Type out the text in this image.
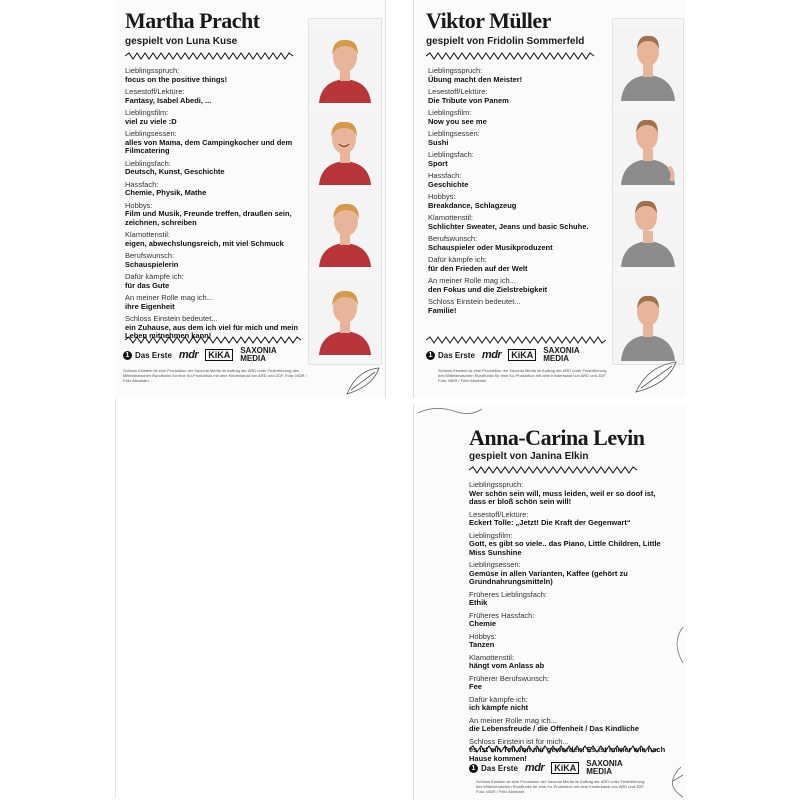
Martha Pracht
gespielt von Luna Kuse
Lieblingsspruch:
focus on the positive things!
Lesestoff/Lektüre:
Fantasy, Isabel Abedi, ...
Lieblingsfilm:
viel zu viele :D
Lieblingsessen:
alles von Mama, dem Campingkocher und dem Filmcatering
Lieblingsfach:
Deutsch, Kunst, Geschichte
Hassfach:
Chemie, Physik, Mathe
Hobbys:
Film und Musik, Freunde treffen, draußen sein, zeichnen, schreiben
Klamottenstil:
eigen, abwechslungsreich, mit viel Schmuck
Berufswunsch:
Schauspielerin
Dafür kämpfe ich:
für das Gute
An meiner Rolle mag ich...
ihre Eigenheit
Schloss Einstein bedeutet...
ein Zuhause, aus dem ich viel für mich und mein Leben mitnehmen kann!
1 Das Erste mdr	KiKA	SAXONIA
MEDIA
Schloss Einstein ist eine Produktion der Saxonia Media im Auftrag der ARD unter Federführung des Mitteldeutschen Rundfunks für eine Ko-Produktion mit dem Kinderkanal von ARD und ZDF. Foto: MDR / Felix Abraham
Viktor Müller
gespielt von Fridolin Sommerfeld
Lieblingsspruch:
Übung macht den Meister!
Lesestoff/Lektüre:
Die Tribute von Panem
Lieblingsfilm:
Now you see me
Lieblingsessen:
Sushi
Lieblingsfach:
Sport
Hassfach:
Geschichte
Hobbys:
Breakdance, Schlagzeug
Klamottenstil:
Schlichter Sweater, Jeans und basic Schuhe.
Berufswunsch:
Schauspieler oder Musikproduzent
Dafür kämpfe ich:
für den Frieden auf der Welt
An meiner Rolle mag ich...
den Fokus und die Zielstrebigkeit
Schloss Einstein bedeutet...
Familie!
1 Das Erste mdr	KiKA	SAXONIA
MEDIA
Schloss Einstein ist eine Produktion der Saxonia Media im Auftrag der ARD unter Federführung des Mitteldeutschen Rundfunks für eine Ko-Produktion mit dem Kinderkanal von ARD und ZDF. Foto: MDR / Felix Abraham
Anna-Carina Levin
gespielt von Janina Elkin
Lieblingsspruch:
Wer schön sein will, muss leiden, weil er so doof ist, dass er bloß schön sein will!
Lesestoff/Lektüre:
Eckert Tolle: „Jetzt! Die Kraft der Gegenwart“
Lieblingsfilm:
Gott, es gibt so viele.. das Piano, Little Children, Little Miss Sunshine
Lieblingsessen:
Gemüse in allen Varianten, Kaffee (gehört zu Grundnahrungsmitteln)
Früheres Lieblingsfach:
Ethik
Früheres Hassfach:
Chemie
Hobbys:
Tanzen
Klamottenstil:
hängt vom Anlass ab
Früherer Berufswunsch:
Fee
Dafür kämpfe ich:
ich kämpfe nicht
An meiner Rolle mag ich...
die Lebensfreude / die Offenheit / Das Kindliche
Schloss Einstein ist für mich...
es ist ein Teil von mir geworden! Es ist immer wie nach Hause kommen!
1 Das Erste mdr	KiKA	SAXONIA
MEDIA
Schloss Einstein ist eine Produktion der Saxonia Media im Auftrag der ARD unter Federführung des Mitteldeutschen Rundfunks für eine Ko-Produktion mit dem Kinderkanal von ARD und ZDF. Foto: MDR / Felix Abraham
